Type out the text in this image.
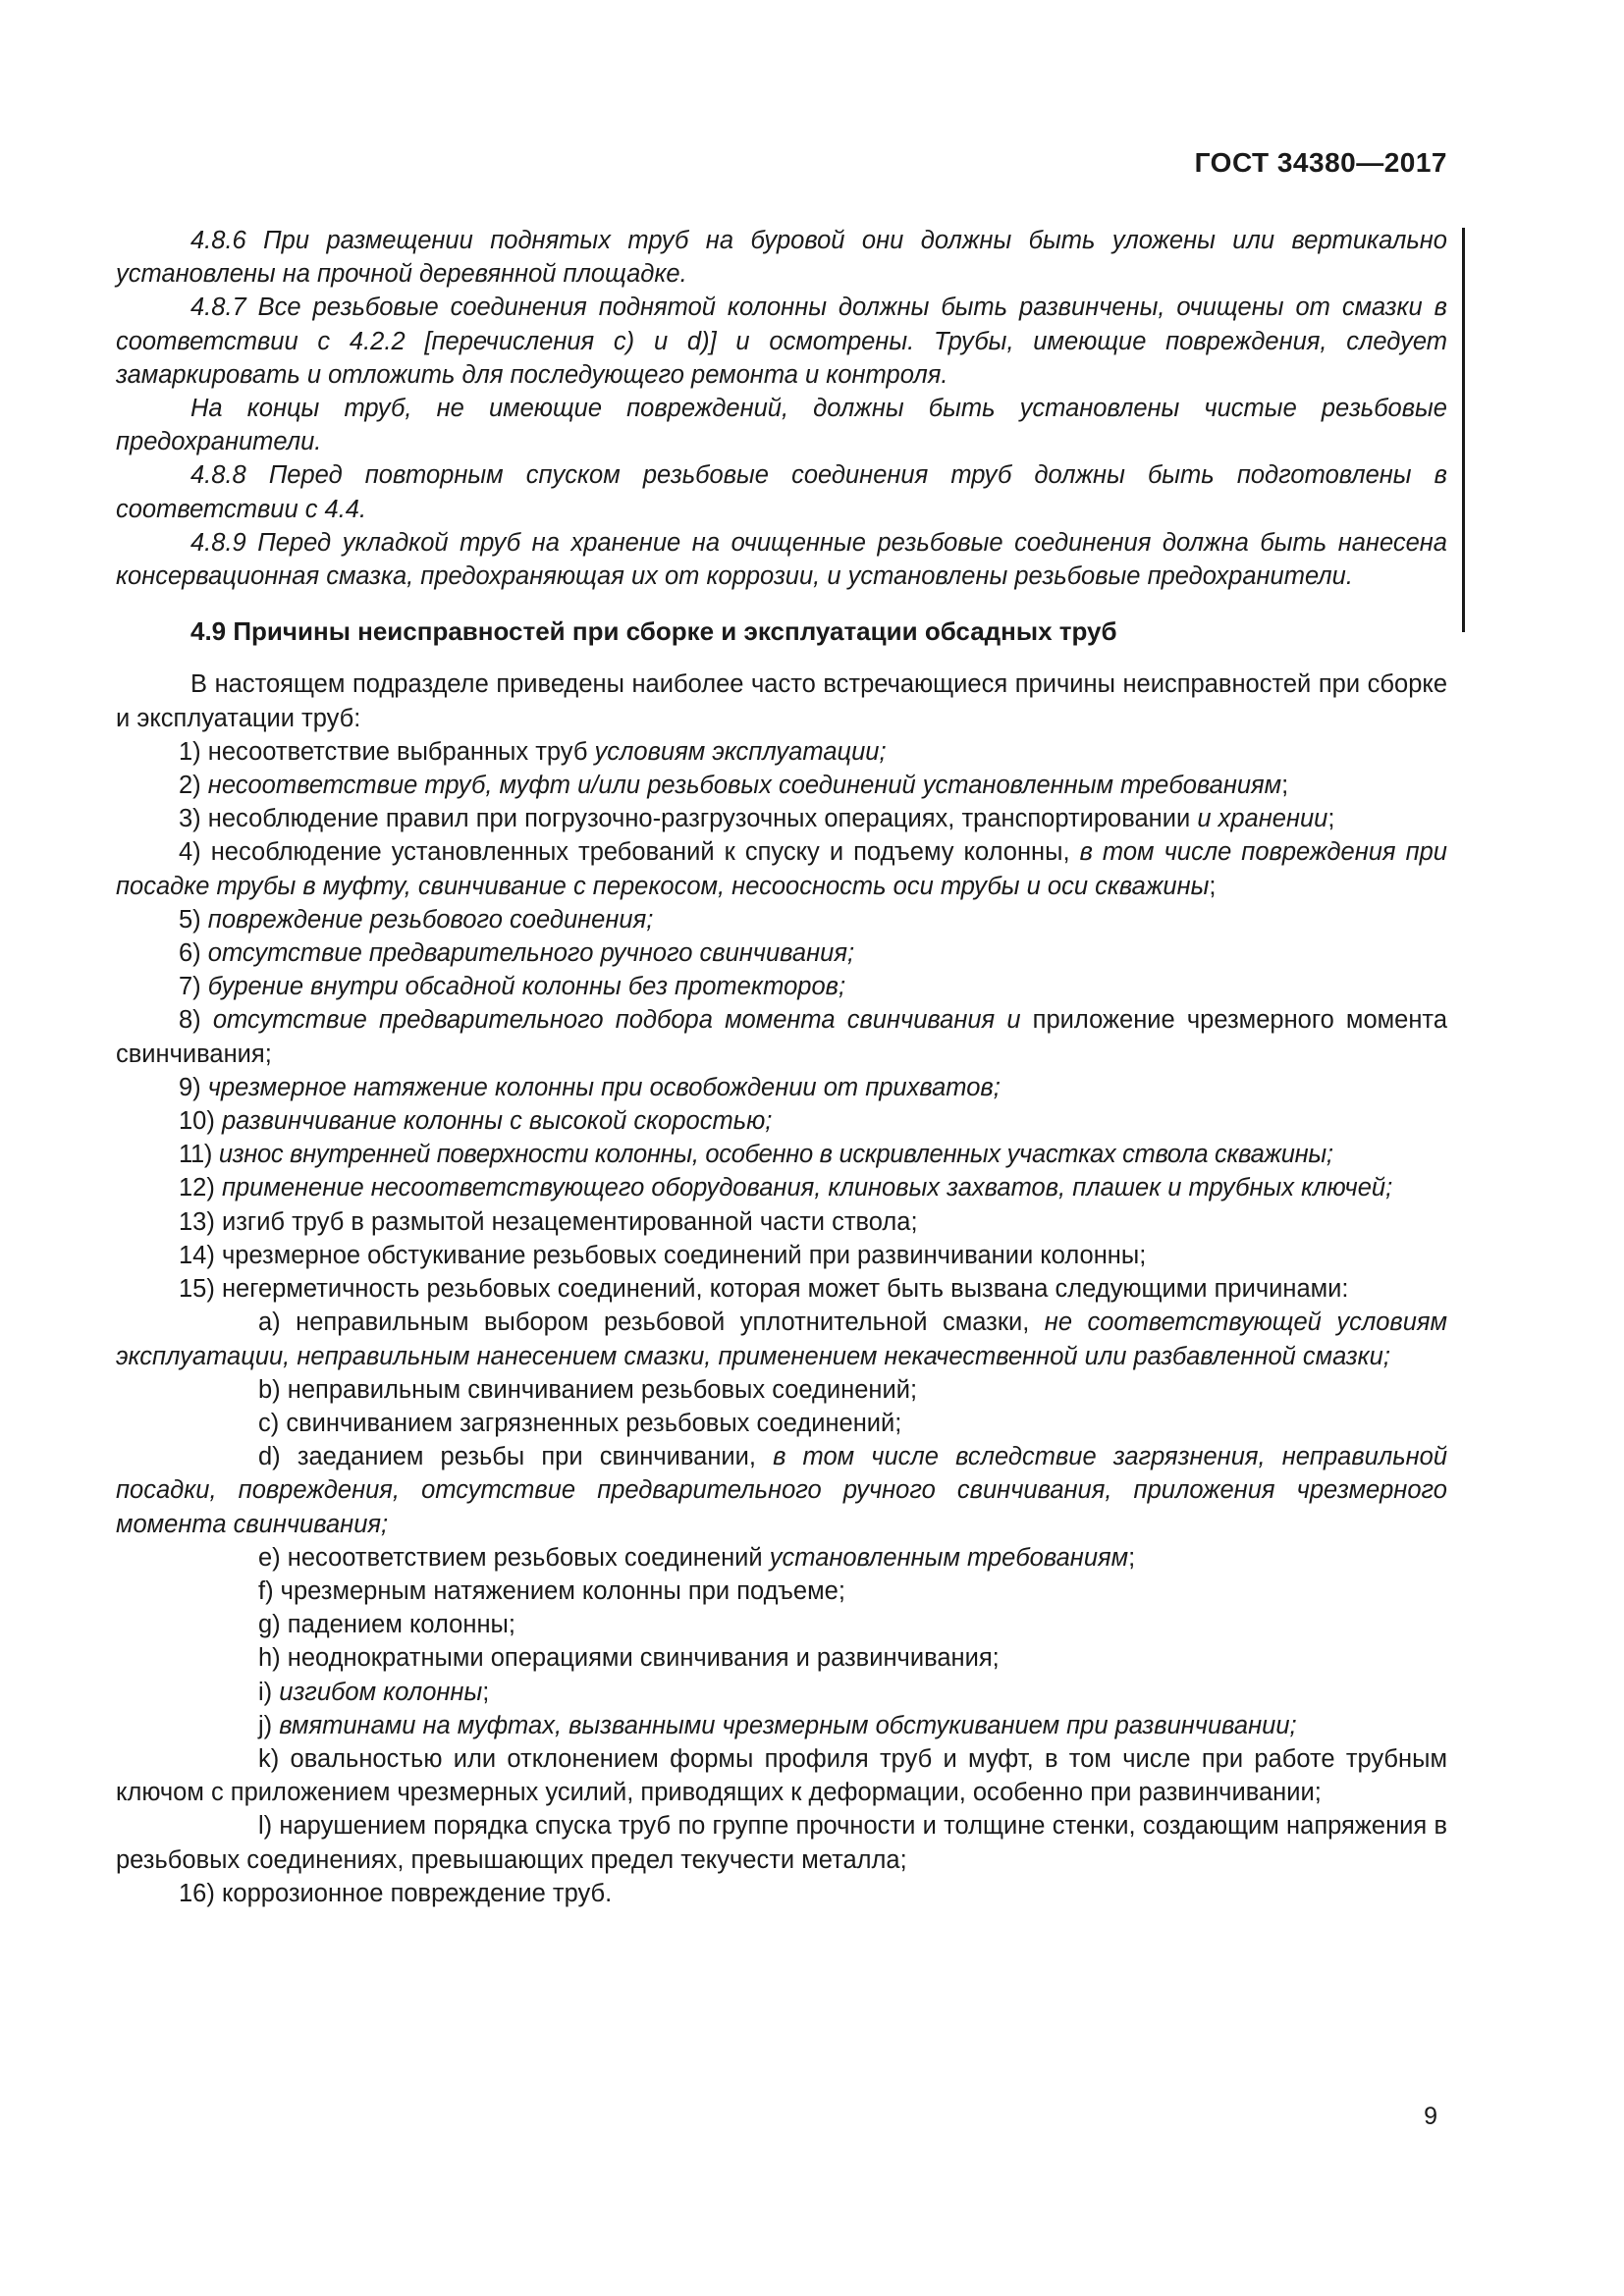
ГОСТ 34380—2017

4.8.6 При размещении поднятых труб на буровой они должны быть уложены или вертикально установлены на прочной деревянной площадке.

4.8.7 Все резьбовые соединения поднятой колонны должны быть развинчены, очищены от смазки в соответствии с 4.2.2 [перечисления с) и d)] и осмотрены. Трубы, имеющие повреждения, следует замаркировать и отложить для последующего ремонта и контроля.

На концы труб, не имеющие повреждений, должны быть установлены чистые резьбовые предохранители.

4.8.8 Перед повторным спуском резьбовые соединения труб должны быть подготовлены в соответствии с 4.4.

4.8.9 Перед укладкой труб на хранение на очищенные резьбовые соединения должна быть нанесена консервационная смазка, предохраняющая их от коррозии, и установлены резьбовые предохранители.

4.9 Причины неисправностей при сборке и эксплуатации обсадных труб

В настоящем подразделе приведены наиболее часто встречающиеся причины неисправностей при сборке и эксплуатации труб:

1) несоответствие выбранных труб условиям эксплуатации;

2) несоответствие труб, муфт и/или резьбовых соединений установленным требованиям;

3) несоблюдение правил при погрузочно-разгрузочных операциях, транспортировании и хранении;

4) несоблюдение установленных требований к спуску и подъему колонны, в том числе повреждения при посадке трубы в муфту, свинчивание с перекосом, несоосность оси трубы и оси скважины;

5) повреждение резьбового соединения;

6) отсутствие предварительного ручного свинчивания;

7) бурение внутри обсадной колонны без протекторов;

8) отсутствие предварительного подбора момента свинчивания и приложение чрезмерного момента свинчивания;

9) чрезмерное натяжение колонны при освобождении от прихватов;

10) развинчивание колонны с высокой скоростью;

11) износ внутренней поверхности колонны, особенно в искривленных участках ствола скважины;

12) применение несоответствующего оборудования, клиновых захватов, плашек и трубных ключей;

13) изгиб труб в размытой незацементированной части ствола;

14) чрезмерное обстукивание резьбовых соединений при развинчивании колонны;

15) негерметичность резьбовых соединений, которая может быть вызвана следующими причинами:

a) неправильным выбором резьбовой уплотнительной смазки, не соответствующей условиям эксплуатации, неправильным нанесением смазки, применением некачественной или разбавленной смазки;

b) неправильным свинчиванием резьбовых соединений;

c) свинчиванием загрязненных резьбовых соединений;

d) заеданием резьбы при свинчивании, в том числе вследствие загрязнения, неправильной посадки, повреждения, отсутствие предварительного ручного свинчивания, приложения чрезмерного момента свинчивания;

e) несоответствием резьбовых соединений установленным требованиям;

f) чрезмерным натяжением колонны при подъеме;

g) падением колонны;

h) неоднократными операциями свинчивания и развинчивания;

i) изгибом колонны;

j) вмятинами на муфтах, вызванными чрезмерным обстукиванием при развинчивании;

k) овальностью или отклонением формы профиля труб и муфт, в том числе при работе трубным ключом с приложением чрезмерных усилий, приводящих к деформации, особенно при развинчивании;

l) нарушением порядка спуска труб по группе прочности и толщине стенки, создающим напряжения в резьбовых соединениях, превышающих предел текучести металла;

16) коррозионное повреждение труб.

9
